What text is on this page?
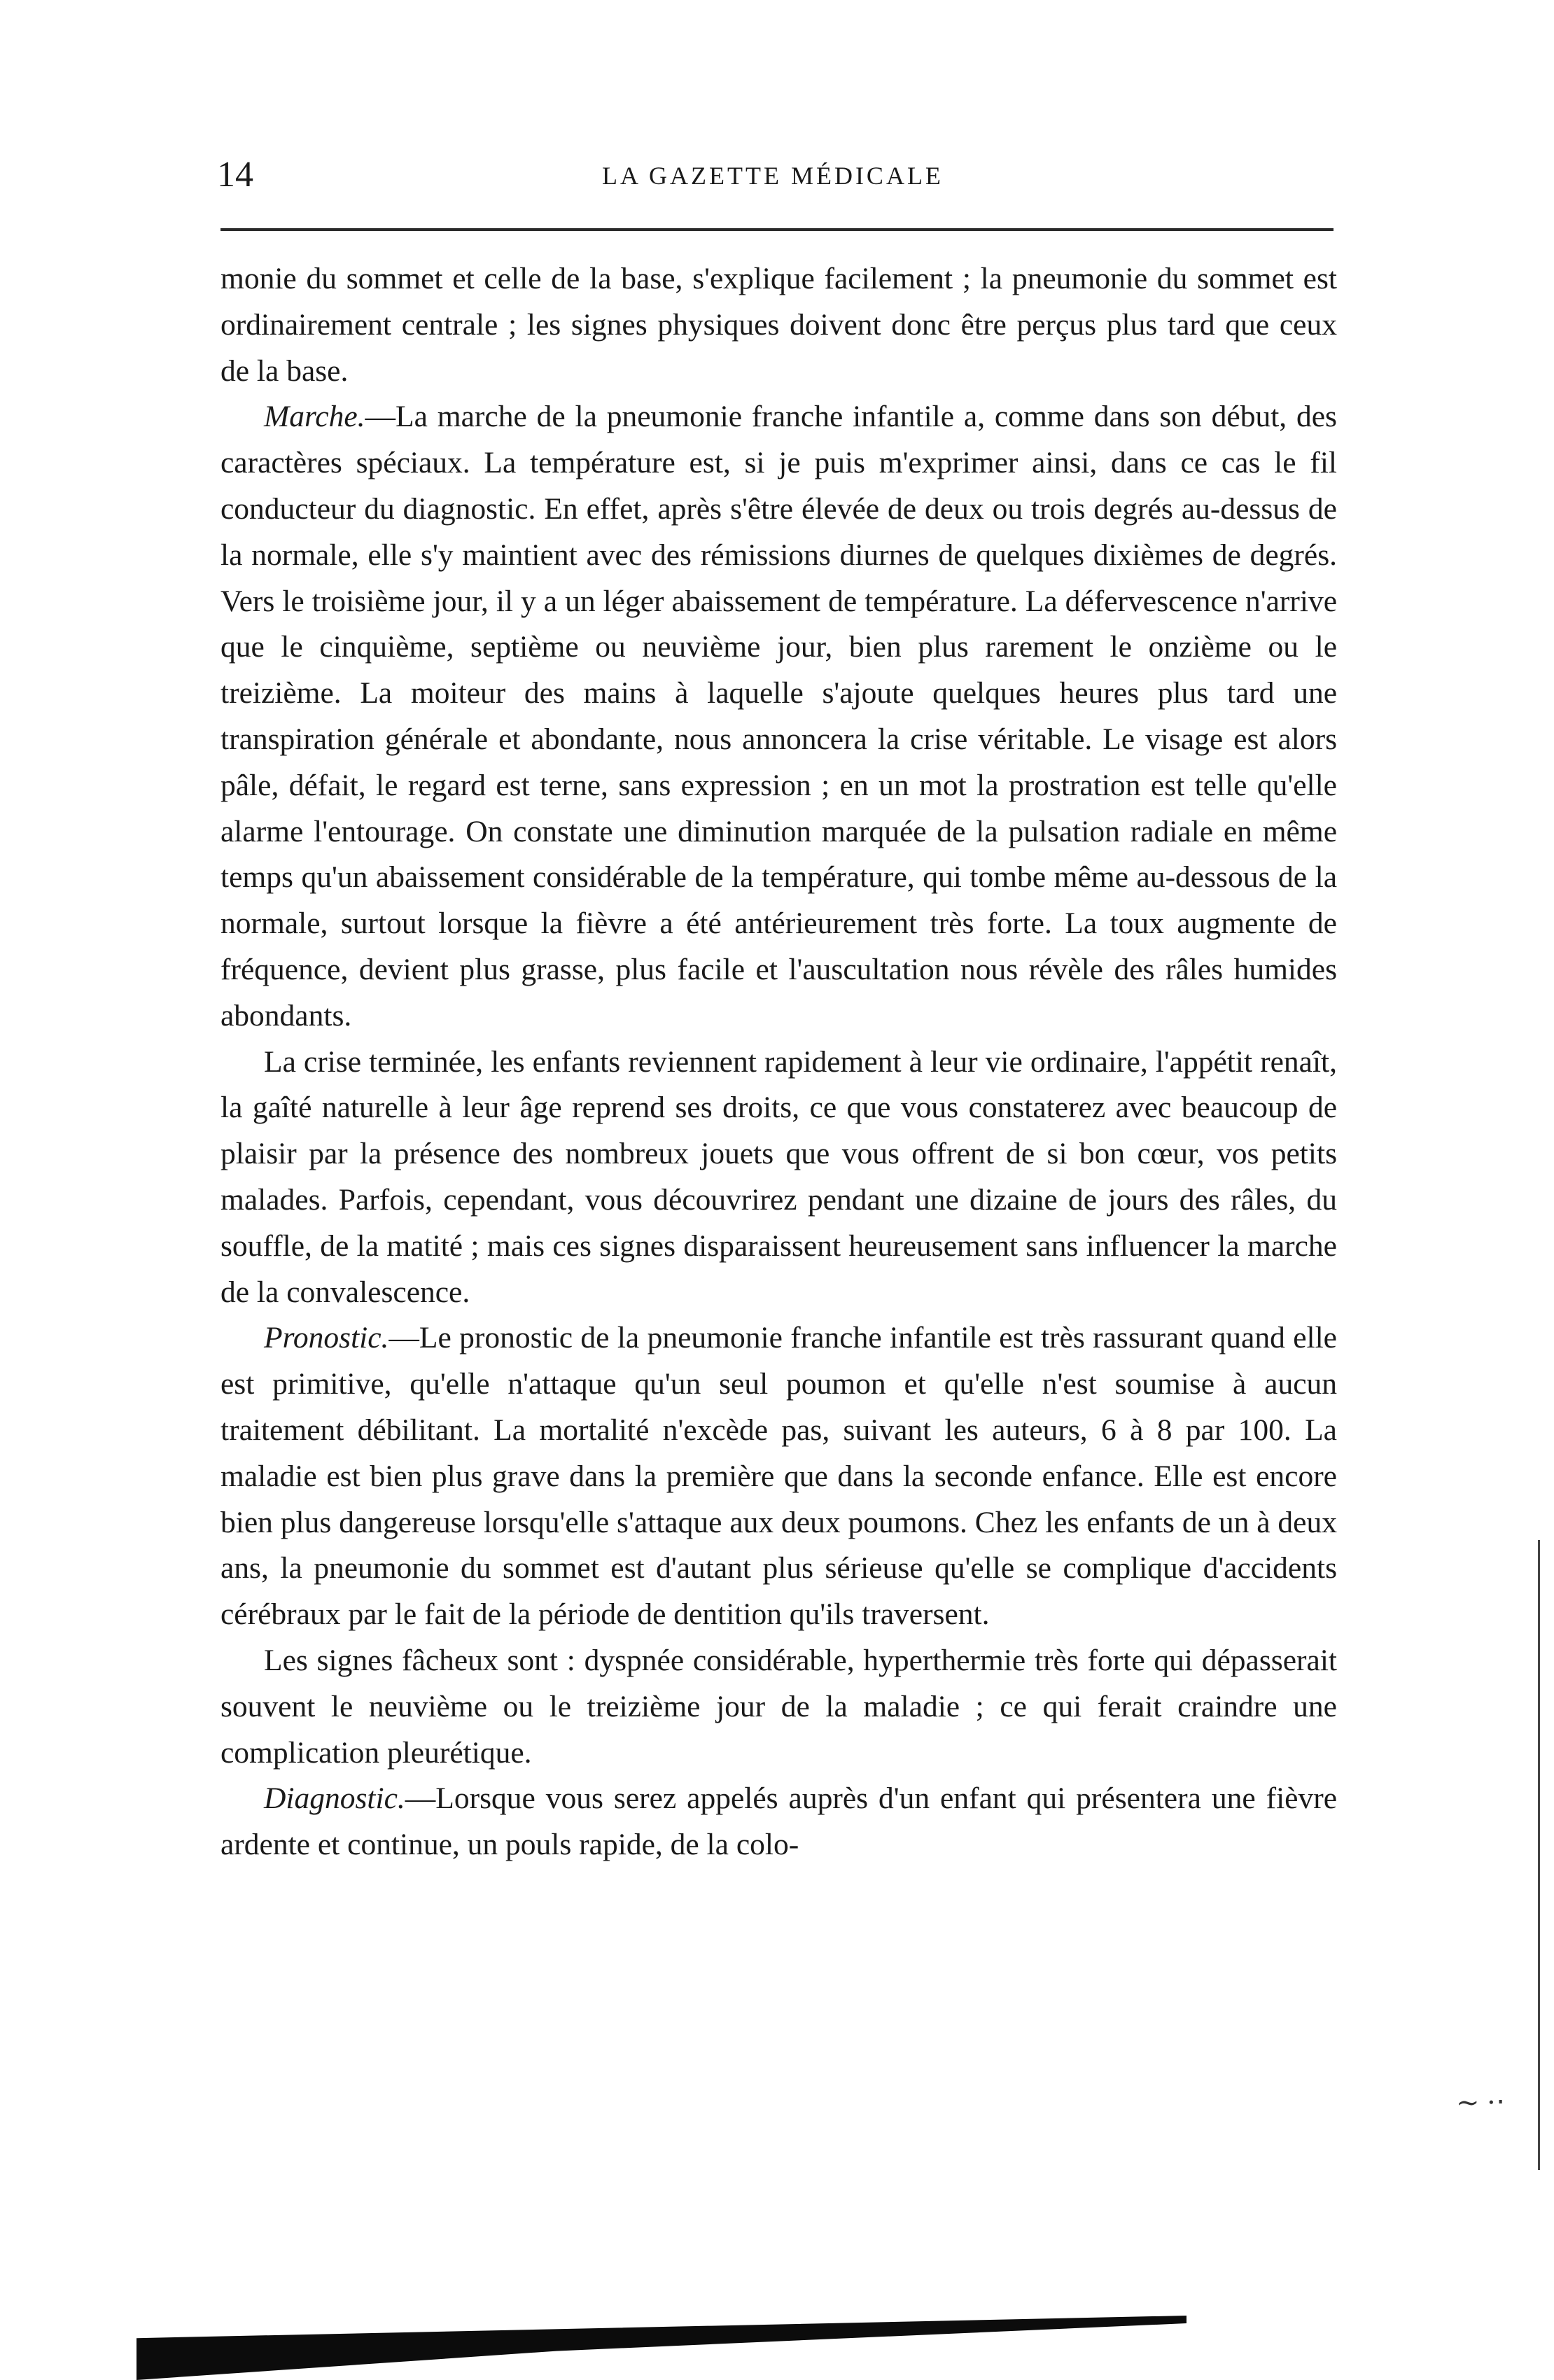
14	LA GAZETTE MÉDICALE

monie du sommet et celle de la base, s'explique facilement ; la pneumonie du sommet est ordinairement centrale ; les signes physiques doivent donc être perçus plus tard que ceux de la base.

Marche.—La marche de la pneumonie franche infantile a, comme dans son début, des caractères spéciaux. La température est, si je puis m'exprimer ainsi, dans ce cas le fil conducteur du diagnostic. En effet, après s'être élevée de deux ou trois degrés au-dessus de la normale, elle s'y maintient avec des rémissions diurnes de quelques dixièmes de degrés. Vers le troisième jour, il y a un léger abaissement de température. La défervescence n'arrive que le cinquième, septième ou neuvième jour, bien plus rarement le onzième ou le treizième. La moiteur des mains à laquelle s'ajoute quelques heures plus tard une transpiration générale et abondante, nous annoncera la crise véritable. Le visage est alors pâle, défait, le regard est terne, sans expression ; en un mot la prostration est telle qu'elle alarme l'entourage. On constate une diminution marquée de la pulsation radiale en même temps qu'un abaissement considérable de la température, qui tombe même au-dessous de la normale, surtout lorsque la fièvre a été antérieurement très forte. La toux augmente de fréquence, devient plus grasse, plus facile et l'auscultation nous révèle des râles humides abondants.

La crise terminée, les enfants reviennent rapidement à leur vie ordinaire, l'appétit renaît, la gaîté naturelle à leur âge reprend ses droits, ce que vous constaterez avec beaucoup de plaisir par la présence des nombreux jouets que vous offrent de si bon cœur, vos petits malades. Parfois, cependant, vous découvrirez pendant une dizaine de jours des râles, du souffle, de la matité ; mais ces signes disparaissent heureusement sans influencer la marche de la convalescence.

Pronostic.—Le pronostic de la pneumonie franche infantile est très rassurant quand elle est primitive, qu'elle n'attaque qu'un seul poumon et qu'elle n'est soumise à aucun traitement débilitant. La mortalité n'excède pas, suivant les auteurs, 6 à 8 par 100. La maladie est bien plus grave dans la première que dans la seconde enfance. Elle est encore bien plus dangereuse lorsqu'elle s'attaque aux deux poumons. Chez les enfants de un à deux ans, la pneumonie du sommet est d'autant plus sérieuse qu'elle se complique d'accidents cérébraux par le fait de la période de dentition qu'ils traversent.

Les signes fâcheux sont : dyspnée considérable, hyperthermie très forte qui dépasserait souvent le neuvième ou le treizième jour de la maladie ; ce qui ferait craindre une complication pleurétique.

Diagnostic.—Lorsque vous serez appelés auprès d'un enfant qui présentera une fièvre ardente et continue, un pouls rapide, de la colo-

∼ ⋅‧
